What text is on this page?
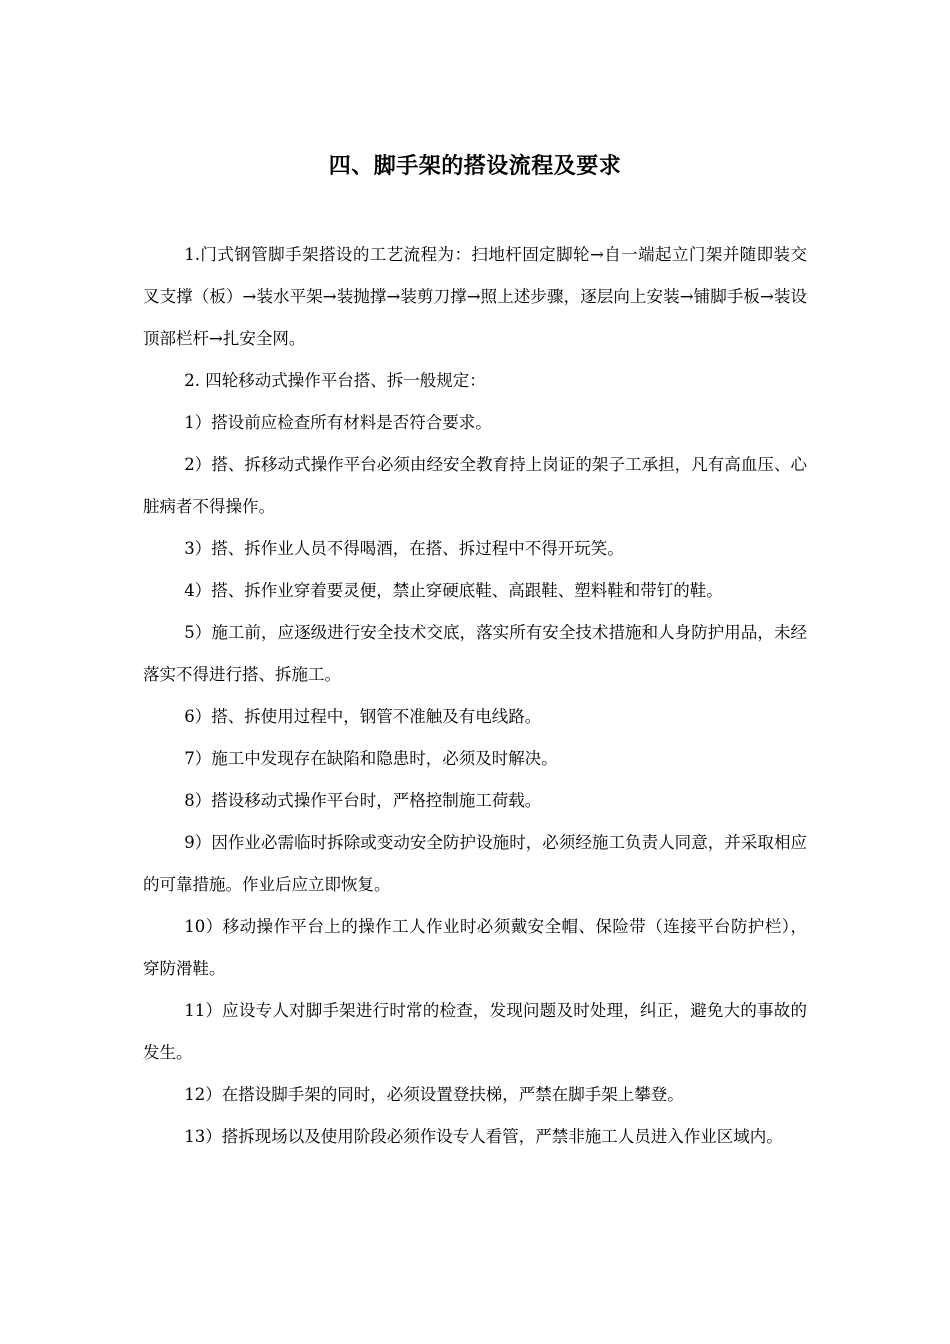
四、脚手架的搭设流程及要求

1.门式钢管脚手架搭设的工艺流程为：扫地杆固定脚轮→自一端起立门架并随即装交叉支撑（板）→装水平架→装抛撑→装剪刀撑→照上述步骤，逐层向上安装→铺脚手板→装设顶部栏杆→扎安全网。

2. 四轮移动式操作平台搭、拆一般规定：

1）搭设前应检查所有材料是否符合要求。

2）搭、拆移动式操作平台必须由经安全教育持上岗证的架子工承担，凡有高血压、心脏病者不得操作。

3）搭、拆作业人员不得喝酒，在搭、拆过程中不得开玩笑。

4）搭、拆作业穿着要灵便，禁止穿硬底鞋、高跟鞋、塑料鞋和带钉的鞋。

5）施工前，应逐级进行安全技术交底，落实所有安全技术措施和人身防护用品，未经落实不得进行搭、拆施工。

6）搭、拆使用过程中，钢管不准触及有电线路。

7）施工中发现存在缺陷和隐患时，必须及时解决。

8）搭设移动式操作平台时，严格控制施工荷载。

9）因作业必需临时拆除或变动安全防护设施时，必须经施工负责人同意，并采取相应的可靠措施。作业后应立即恢复。

10）移动操作平台上的操作工人作业时必须戴安全帽、保险带（连接平台防护栏），穿防滑鞋。

11）应设专人对脚手架进行时常的检查，发现问题及时处理，纠正，避免大的事故的发生。

12）在搭设脚手架的同时，必须设置登扶梯，严禁在脚手架上攀登。

13）搭拆现场以及使用阶段必须作设专人看管，严禁非施工人员进入作业区域内。
